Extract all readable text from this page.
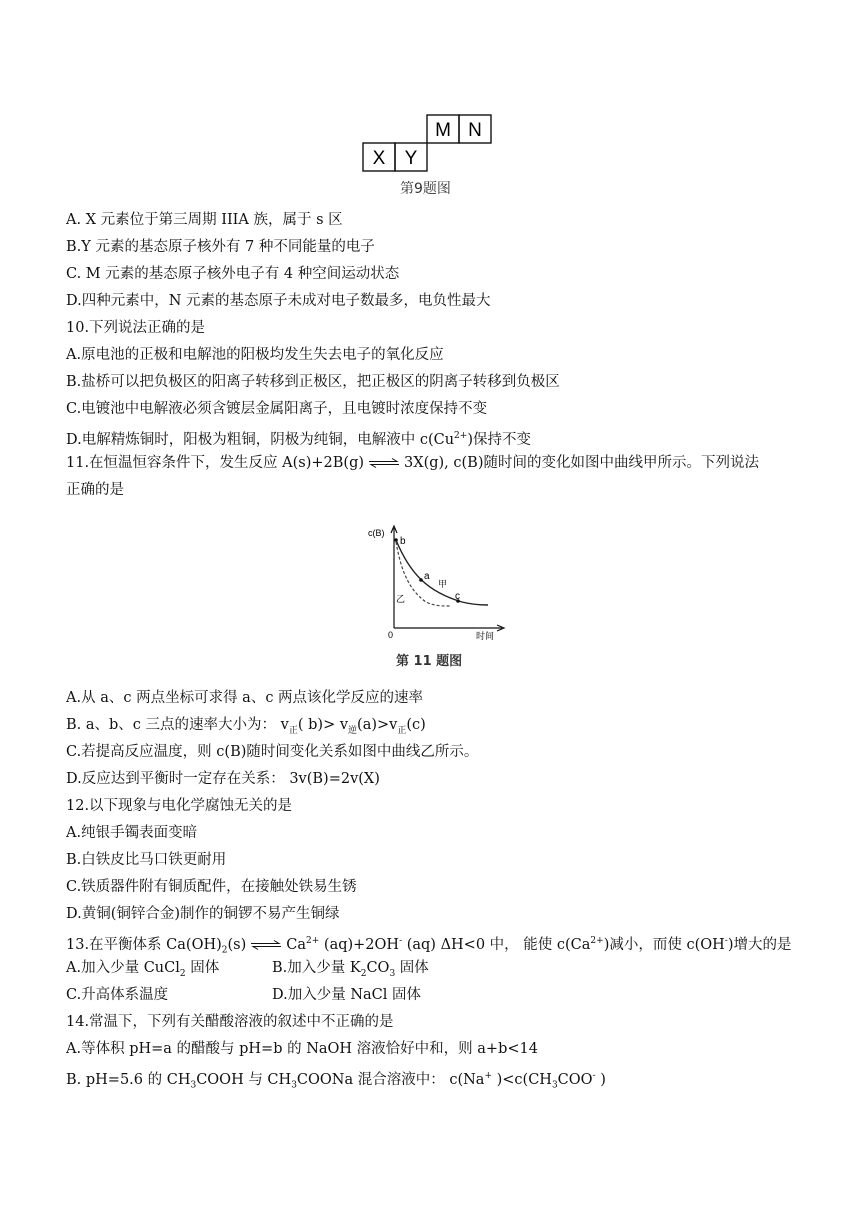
M N
X Y
第9题图
A. X 元素位于第三周期 IIIA 族，属于 s 区
B.Y 元素的基态原子核外有 7 种不同能量的电子
C. M 元素的基态原子核外电子有 4 种空间运动状态
D.四种元素中，N 元素的基态原子未成对电子数最多，电负性最大
10.下列说法正确的是
A.原电池的正极和电解池的阳极均发生失去电子的氧化反应
B.盐桥可以把负极区的阳离子转移到正极区，把正极区的阴离子转移到负极区
C.电镀池中电解液必须含镀层金属阳离子，且电镀时浓度保持不变
D.电解精炼铜时，阳极为粗铜，阴极为纯铜，电解液中 $c(Cu^{2+})$保持不变
11.在恒温恒容条件下，发生反应 A(s)+2B(g) ⇌ 3X(g), c(B)随时间的变化如图中曲线甲所示。下列说法
正确的是
c(B)
b
a
甲
乙	c
0	时间
第 11 题图
A.从 a、c 两点坐标可求得 a、c 两点该化学反应的速率
B. a、b、c 三点的速率大小为： $v_正$( $b)> v_逆(a)>v_正(c)$
C.若提高反应温度，则 c(B)随时间变化关系如图中曲线乙所示。
D.反应达到平衡时一定存在关系： 3v(B)=2v(X)
12.以下现象与电化学腐蚀无关的是
A.纯银手镯表面变暗
B.白铁皮比马口铁更耐用
C.铁质器件附有铜质配件，在接触处铁易生锈
D.黄铜(铜锌合金)制作的铜锣不易产生铜绿
13.在平衡体系 $Ca(OH)_2(s)$ ⇌ $Ca^{2+}$ (aq)+2OH- (aq) ΔH<0 中， 能使 $c(Ca^{2+})$减小，而使 c(OH-)增大的是
A.加入少量 CuCl$_2$ 固体	B.加入少量 $K_2CO_3$ 固体
C.升高体系温度	D.加入少量 NaCl 固体
14.常温下，下列有关醋酸溶液的叙述中不正确的是
A.等体积 pH=a 的醋酸与 pH=b 的 NaOH 溶液恰好中和，则 a+b<14
B. pH=5.6 的 $CH_3COOH$ 与 $CH_3COONa$ 混合溶液中： c(Na+ )$<c(CH_3COO^-$ )
